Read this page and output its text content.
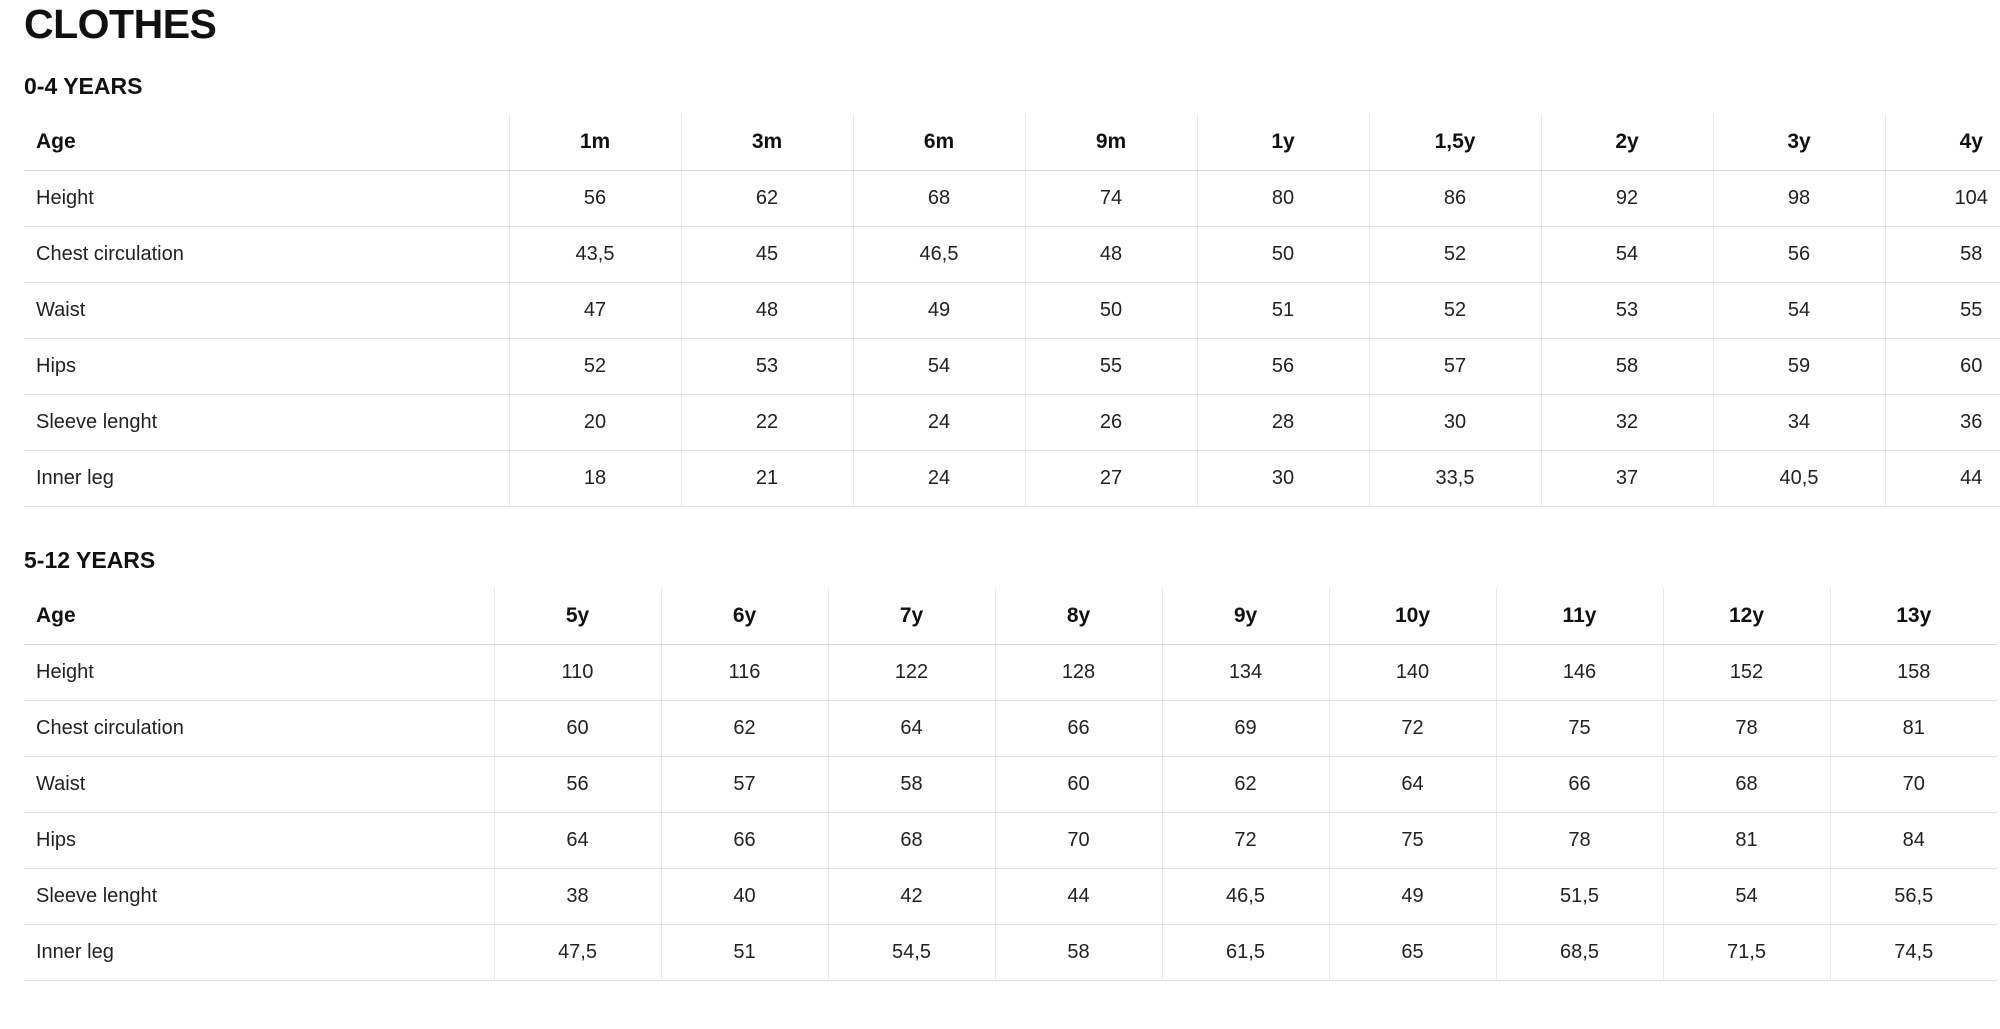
CLOTHES
0-4 YEARS
Age	1m	3m	6m	9m	1y	1,5y	2y	3y	4y
Height	56	62	68	74	80	86	92	98	104
Chest circulation	43,5	45	46,5	48	50	52	54	56	58
Waist	47	48	49	50	51	52	53	54	55
Hips	52	53	54	55	56	57	58	59	60
Sleeve lenght	20	22	24	26	28	30	32	34	36
Inner leg	18	21	24	27	30	33,5	37	40,5	44
5-12 YEARS
Age	5y	6y	7y	8y	9y	10y	11y	12y	13y
Height	110	116	122	128	134	140	146	152	158
Chest circulation	60	62	64	66	69	72	75	78	81
Waist	56	57	58	60	62	64	66	68	70
Hips	64	66	68	70	72	75	78	81	84
Sleeve lenght	38	40	42	44	46,5	49	51,5	54	56,5
Inner leg	47,5	51	54,5	58	61,5	65	68,5	71,5	74,5
